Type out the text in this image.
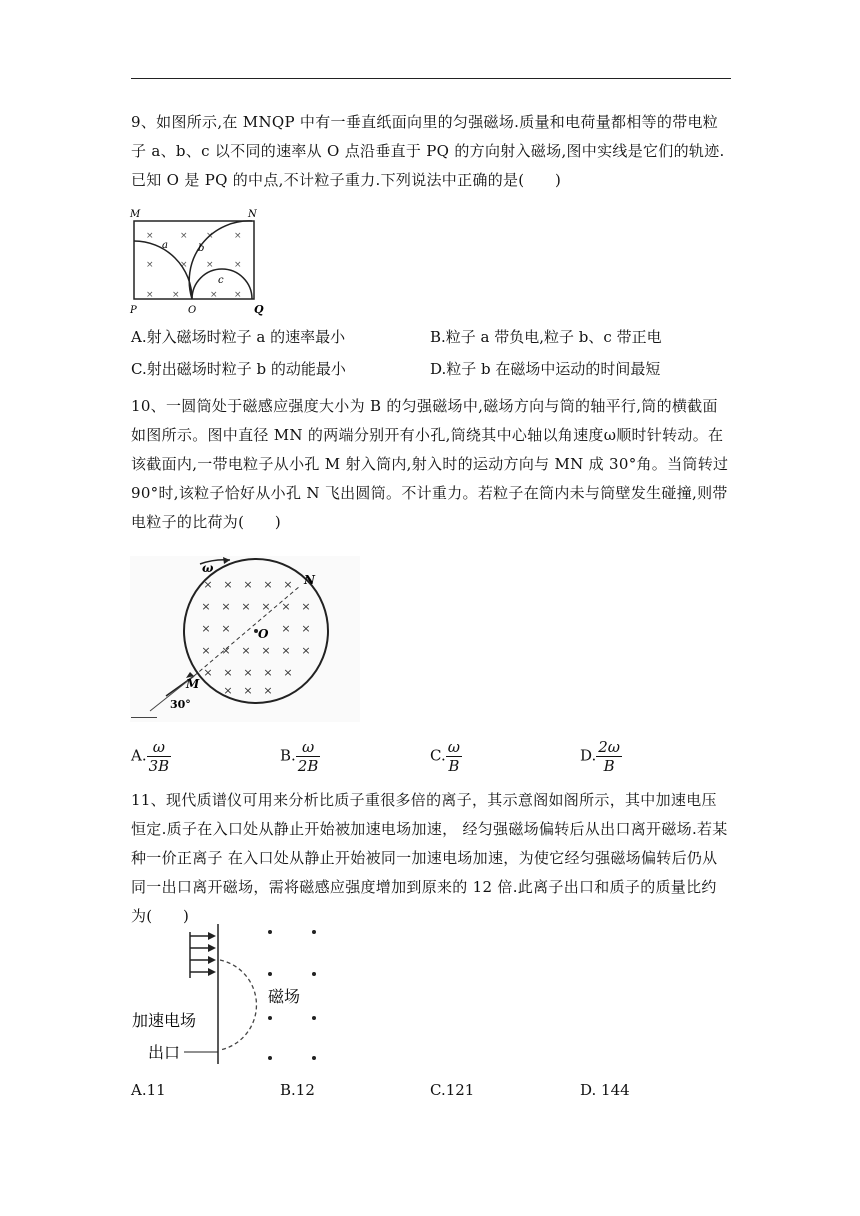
9、如图所示,在 MNQP 中有一垂直纸面向里的匀强磁场.质量和电荷量都相等的带电粒子 a、b、c 以不同的速率从 O 点沿垂直于 PQ 的方向射入磁场,图中实线是它们的轨迹.已知 O 是 PQ 的中点,不计粒子重力.下列说法中正确的是(　　)

×	× × ×
×	× × ×
× ×	× ×
M	N
P	Q
O
a	b
c
A.射入磁场时粒子 a 的速率最小	B.粒子 a 带负电,粒子 b、c 带正电
C.射出磁场时粒子 b 的动能最小	D.粒子 b 在磁场中运动的时间最短

10、一圆筒处于磁感应强度大小为 B 的匀强磁场中,磁场方向与筒的轴平行,筒的横截面如图所示。图中直径 MN 的两端分别开有小孔,筒绕其中心轴以角速度ω顺时针转动。在该截面内,一带电粒子从小孔 M 射入筒内,射入时的运动方向与 MN 成 30°角。当筒转过 90°时,该粒子恰好从小孔 N 飞出圆筒。不计重力。若粒子在筒内未与筒壁发生碰撞,则带电粒子的比荷为(　　)

× × × × ×
× × × × × ×
× ×	× ×
× × × × × ×
× × × × ×
× × ×
ω
N
O
M
30°
A. $\frac{\omega}{3B}$	B. $\frac{\omega}{2B}$	C. $\frac{\omega}{B}$	D. $\frac{2\omega}{B}$

11、现代质谱仪可用来分析比质子重很多倍的离子，其示意阁如阁所示，其中加速电压恒定.质子在入口处从静止开始被加速电场加速， 经匀强磁场偏转后从出口离开磁场.若某种一价正离子 在入口处从静止开始被同一加速电场加速，为使它经匀强磁场偏转后仍从同一出口离开磁场，需将磁感应强度增加到原来的 12 倍.此离子出口和质子的质量比约为(　　)

磁场
加速电场
出口
A.11	B.12	C.121	D. 144
